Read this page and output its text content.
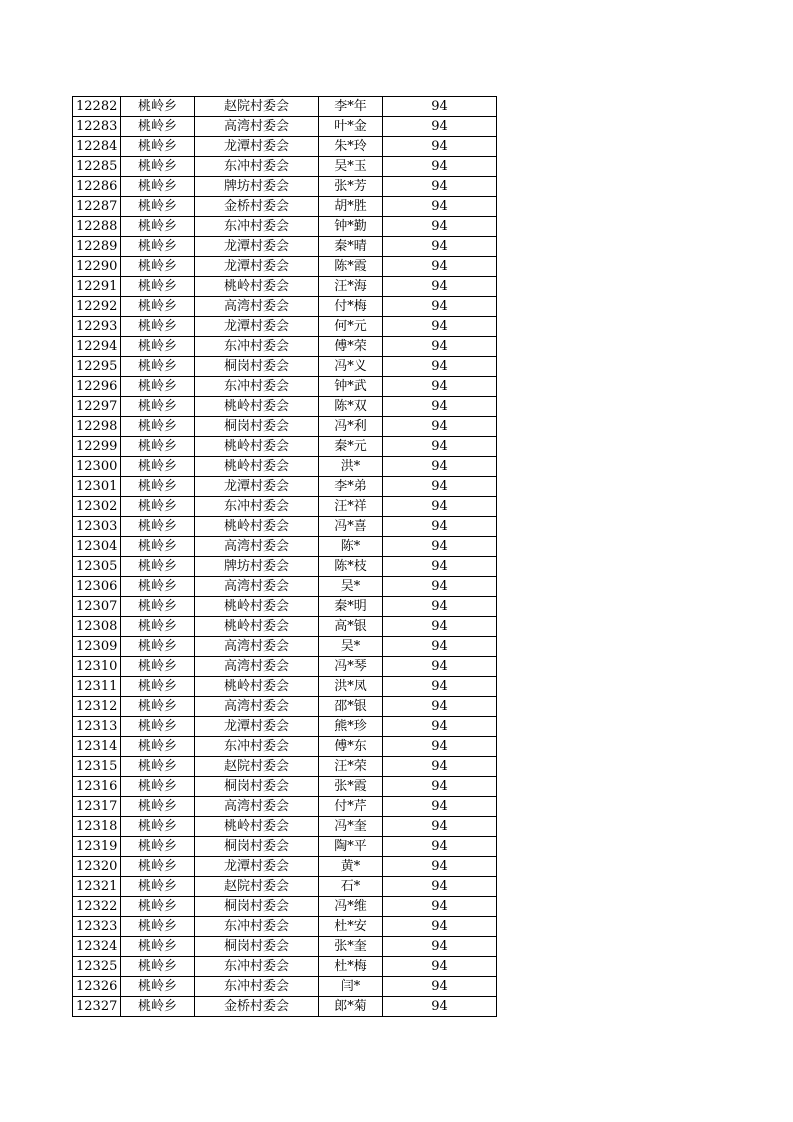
12282	桃岭乡	赵院村委会	李*年	94
12283	桃岭乡	高湾村委会	叶*金	94
12284	桃岭乡	龙潭村委会	朱*玲	94
12285	桃岭乡	东冲村委会	吴*玉	94
12286	桃岭乡	牌坊村委会	张*芳	94
12287	桃岭乡	金桥村委会	胡*胜	94
12288	桃岭乡	东冲村委会	钟*勤	94
12289	桃岭乡	龙潭村委会	秦*晴	94
12290	桃岭乡	龙潭村委会	陈*霞	94
12291	桃岭乡	桃岭村委会	汪*海	94
12292	桃岭乡	高湾村委会	付*梅	94
12293	桃岭乡	龙潭村委会	何*元	94
12294	桃岭乡	东冲村委会	傅*荣	94
12295	桃岭乡	桐岗村委会	冯*义	94
12296	桃岭乡	东冲村委会	钟*武	94
12297	桃岭乡	桃岭村委会	陈*双	94
12298	桃岭乡	桐岗村委会	冯*利	94
12299	桃岭乡	桃岭村委会	秦*元	94
12300	桃岭乡	桃岭村委会	洪*	94
12301	桃岭乡	龙潭村委会	李*弟	94
12302	桃岭乡	东冲村委会	汪*祥	94
12303	桃岭乡	桃岭村委会	冯*喜	94
12304	桃岭乡	高湾村委会	陈*	94
12305	桃岭乡	牌坊村委会	陈*枝	94
12306	桃岭乡	高湾村委会	吴*	94
12307	桃岭乡	桃岭村委会	秦*明	94
12308	桃岭乡	桃岭村委会	高*银	94
12309	桃岭乡	高湾村委会	吴*	94
12310	桃岭乡	高湾村委会	冯*琴	94
12311	桃岭乡	桃岭村委会	洪*凤	94
12312	桃岭乡	高湾村委会	邵*银	94
12313	桃岭乡	龙潭村委会	熊*珍	94
12314	桃岭乡	东冲村委会	傅*东	94
12315	桃岭乡	赵院村委会	汪*荣	94
12316	桃岭乡	桐岗村委会	张*霞	94
12317	桃岭乡	高湾村委会	付*芹	94
12318	桃岭乡	桃岭村委会	冯*奎	94
12319	桃岭乡	桐岗村委会	陶*平	94
12320	桃岭乡	龙潭村委会	黄*	94
12321	桃岭乡	赵院村委会	石*	94
12322	桃岭乡	桐岗村委会	冯*维	94
12323	桃岭乡	东冲村委会	杜*安	94
12324	桃岭乡	桐岗村委会	张*奎	94
12325	桃岭乡	东冲村委会	杜*梅	94
12326	桃岭乡	东冲村委会	闫*	94
12327	桃岭乡	金桥村委会	郎*菊	94
